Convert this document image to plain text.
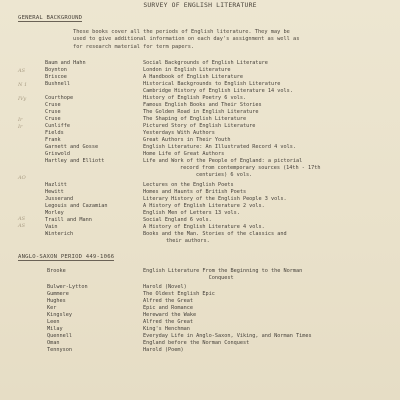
SURVEY OF ENGLISH LITERATURE
GENERAL BACKGROUND
These books cover all the periods of English literature. They may be
used to give additional information on each day's assignment as well as
for research material for term papers.
Baum and Hahn	Social Backgrounds of English Literature
Boynton	London in English Literature
Briscoe	A Handbook of English Literature
Bushnell	Historical Backgrounds to English Literature
Cambridge History of English Literature 14 vols.
Courthope	History of English Poetry 6 vols.
Cruse	Famous English Books and Their Stories
Cruse	The Golden Road in English Literature
Cruse	The Shaping of English Literature
Cunliffe	Pictured Story of English Literature
Fields	Yesterdays With Authors
Frank	Great Authors in Their Youth
Garnett and Gosse	English Literature: An Illustrated Record 4 vols.
Griswold	Home Life of Great Authors
Hartley and Elliott	Life and Work of the People of England: a pictorial
record from contemporary sources (14th - 17th
centuries) 6 vols.
Hazlitt	Lectures on the English Poets
Hewitt	Homes and Haunts of British Poets
Jusserand	Literary History of the English People 3 vols.
Legouis and Cazamian	A History of English Literature 2 vols.
Morley	English Men of Letters 13 vols.
Traill and Mann	Social England 6 vols.
Vain	A History of English Literature 4 vols.
Winterich	Books and the Man. Stories of the classics and
their authors.
AS
N 1
IVy
Ir
Ir
AO
AS
AS
ANGLO-SAXON PERIOD 449-1066
Brooke	English Literature From the Beginning to the Norman
Conquest
Bulwer-Lytton	Harold (Novel)
Gummere	The Oldest English Epic
Hughes	Alfred the Great
Ker	Epic and Romance
Kingsley	Hereward the Wake
Leen	Alfred the Great
Milay	King's Henchman
Quennell	Everyday Life in Anglo-Saxon, Viking, and Norman Times
Oman	England before the Norman Conquest
Tennyson	Harold (Poem)
